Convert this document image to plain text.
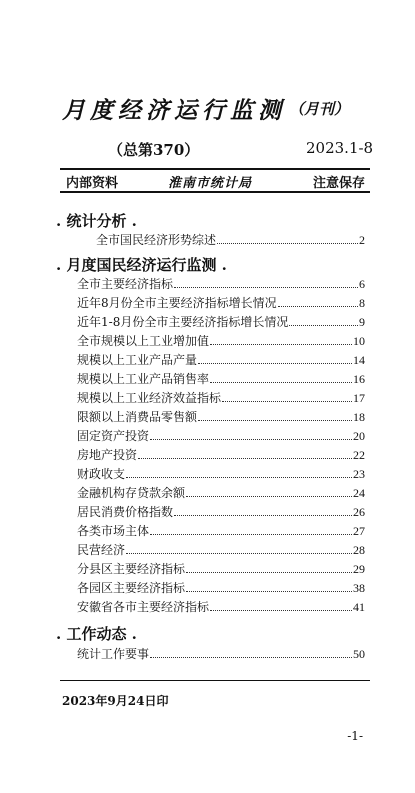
月度经济运行监测 （月刊）
（总第370）	2023.1-8
内部资料	淮南市统计局	注意保存
. 统计分析 .
全市国民经济形势综述	2
. 月度国民经济运行监测 .
全市主要经济指标	6
近年8月份全市主要经济指标增长情况	8
近年1-8月份全市主要经济指标增长情况	9
全市规模以上工业增加值	10
规模以上工业产品产量	14
规模以上工业产品销售率	16
规模以上工业经济效益指标	17
限额以上消费品零售额	18
固定资产投资	20
房地产投资	22
财政收支	23
金融机构存贷款余额	24
居民消费价格指数	26
各类市场主体	27
民营经济	28
分县区主要经济指标	29
各园区主要经济指标	38
安徽省各市主要经济指标	41
. 工作动态 .
统计工作要事	50
2023年9月24日印
-1-
